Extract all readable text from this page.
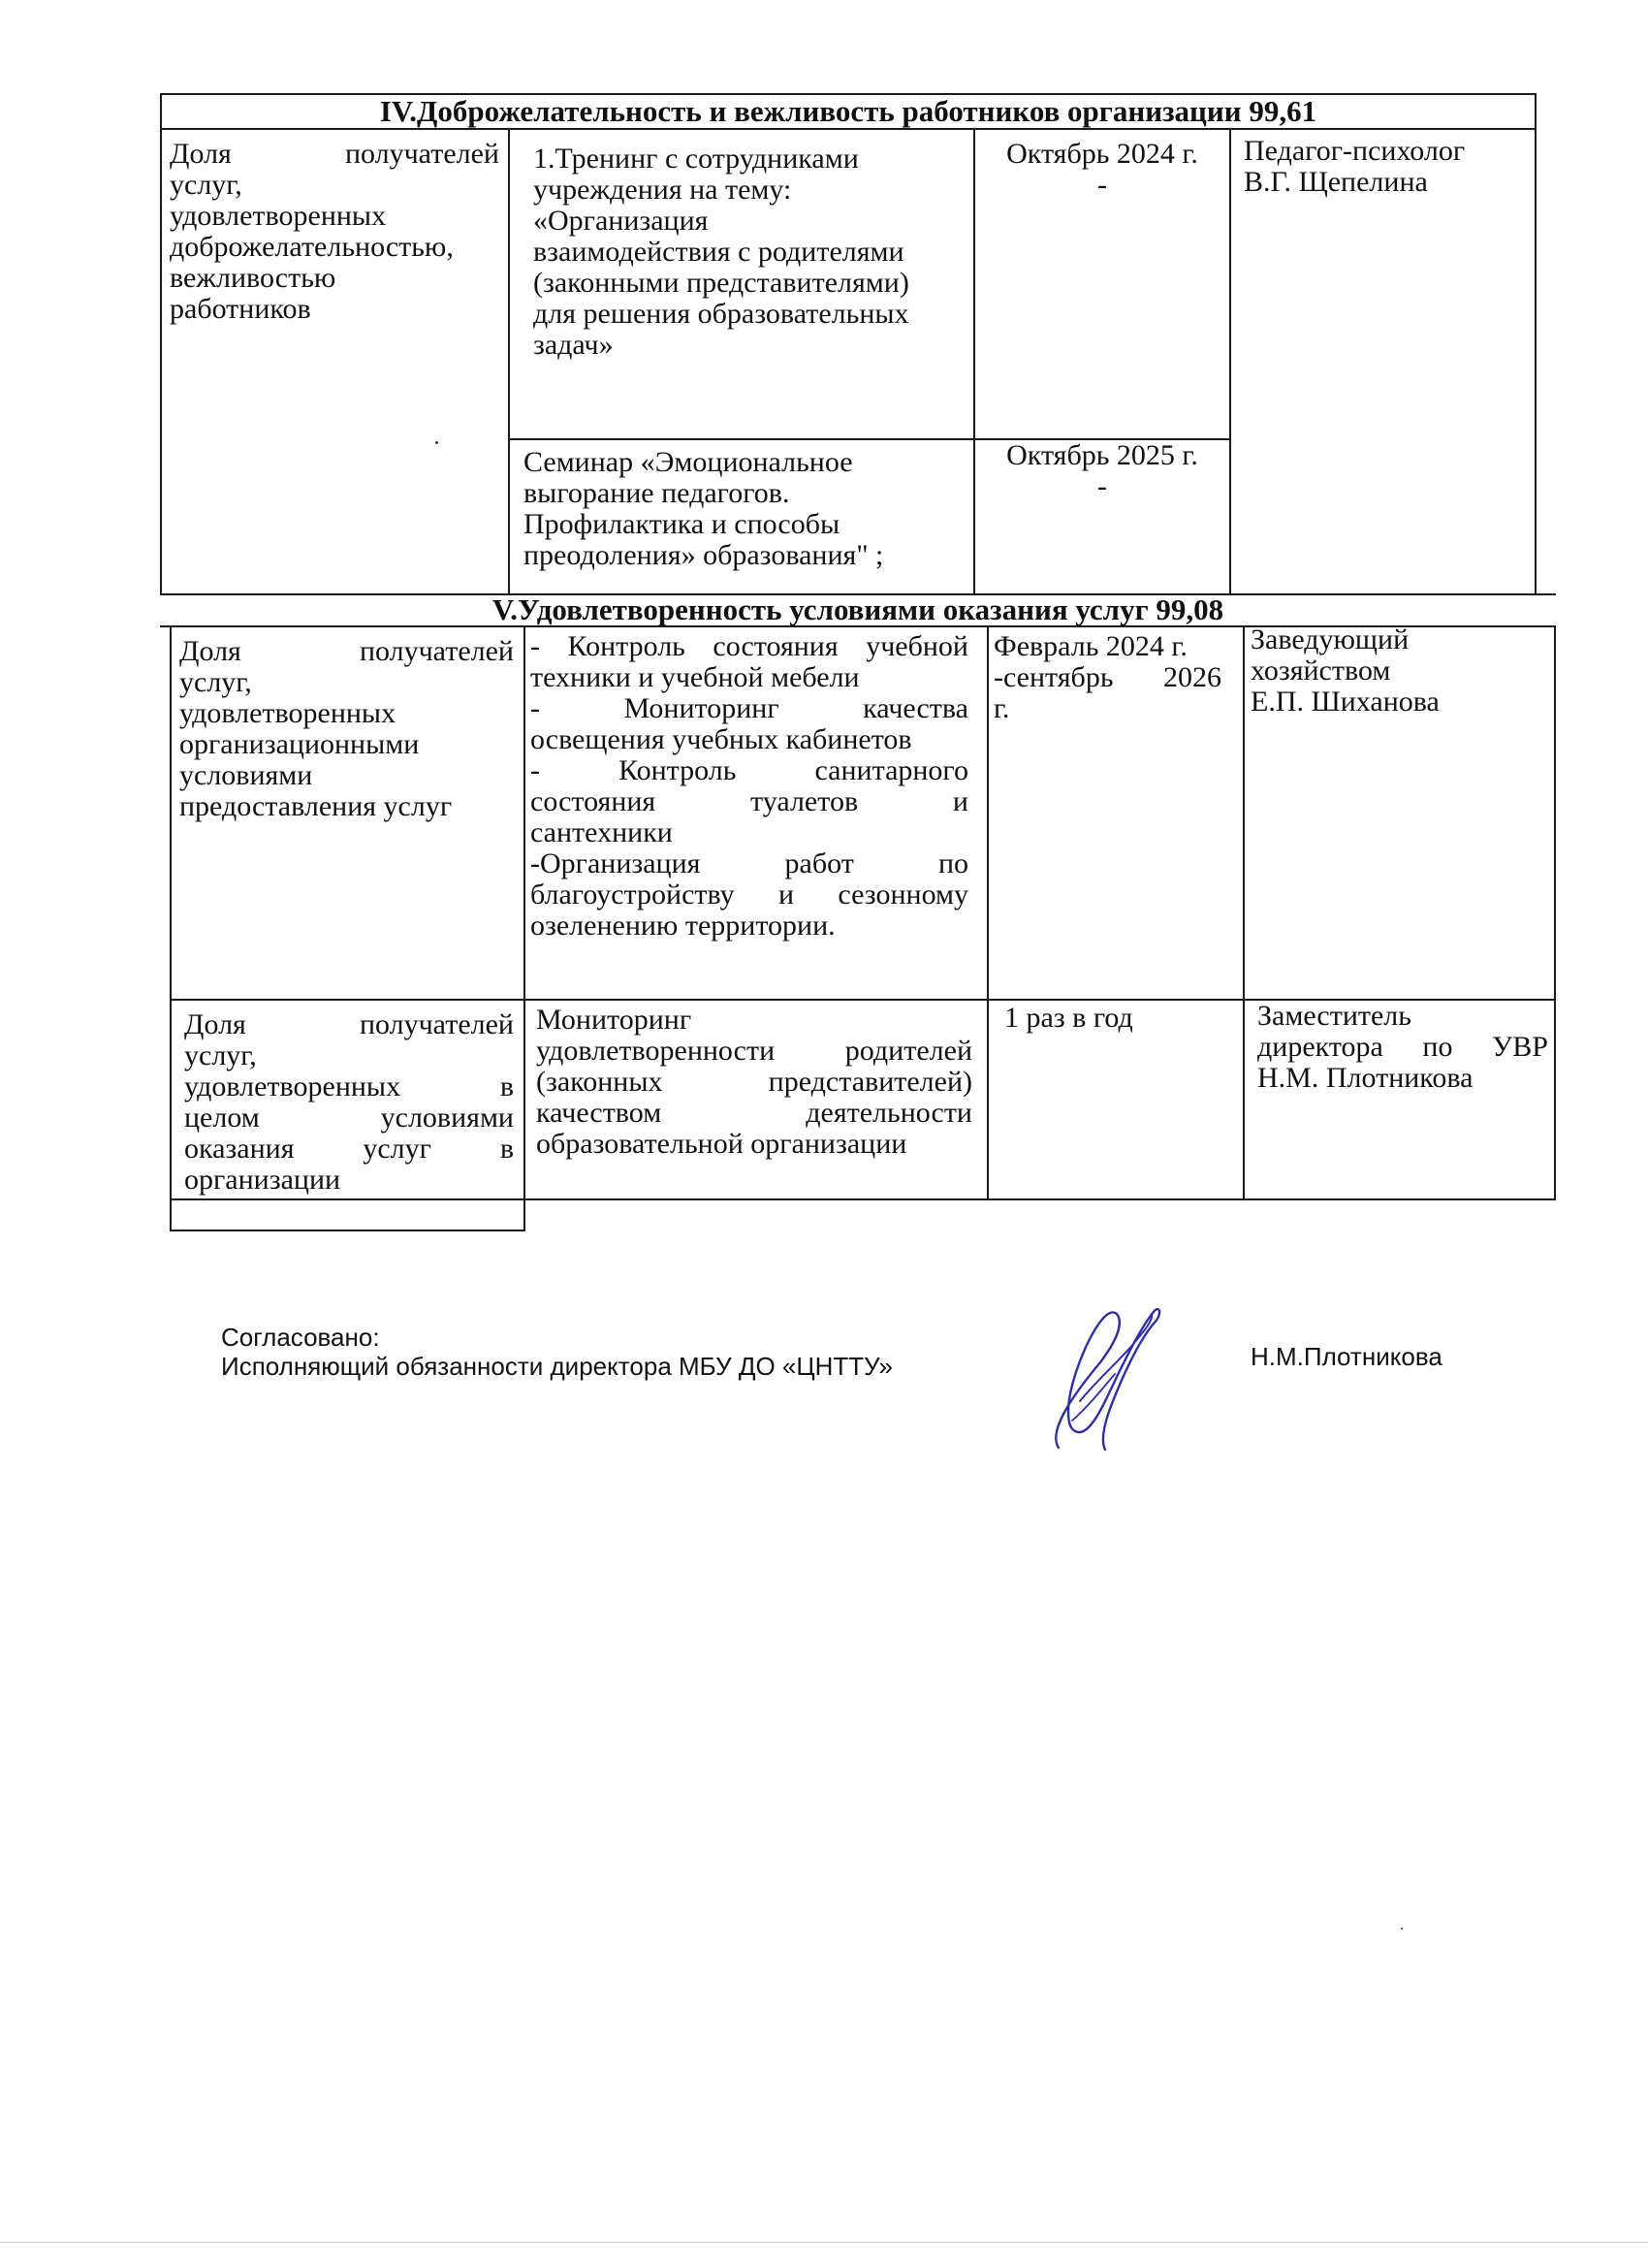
IV.Доброжелательность и вежливость работников организации 99,61
Доля получателей
услуг,
удовлетворенных
доброжелательностью,
вежливостью
работников
1.Тренинг с сотрудниками
учреждения на тему:
«Организация
взаимодействия с родителями
(законными представителями)
для решения образовательных
задач»
Октябрь 2024 г.
-
Семинар «Эмоциональное
выгорание педагогов.
Профилактика и способы
преодоления» образования" ;
Октябрь 2025 г.
-
Педагог-психолог
В.Г. Щепелина
V.Удовлетворенность условиями оказания услуг 99,08
Доля получателей
услуг,
удовлетворенных
организационными
условиями
предоставления услуг
- Контроль состояния учебной
техники и учебной мебели
- Мониторинг качества
освещения учебных кабинетов
- Контроль санитарного
состояния туалетов и
сантехники
-Организация работ по
благоустройству и сезонному
озеленению территории.
Февраль 2024 г.
-сентябрь 2026
г.
Заведующий
хозяйством
Е.П. Шиханова
Доля получателей
услуг,
удовлетворенных в
целом условиями
оказания услуг в
организации
Мониторинг
удовлетворенности родителей
(законных представителей)
качеством деятельности
образовательной организации
1 раз в год	Заместитель
директора по УВР
Н.М. Плотникова
Согласовано:
Исполняющий обязанности директора МБУ ДО «ЦНТТУ»	Н.М.Плотникова
